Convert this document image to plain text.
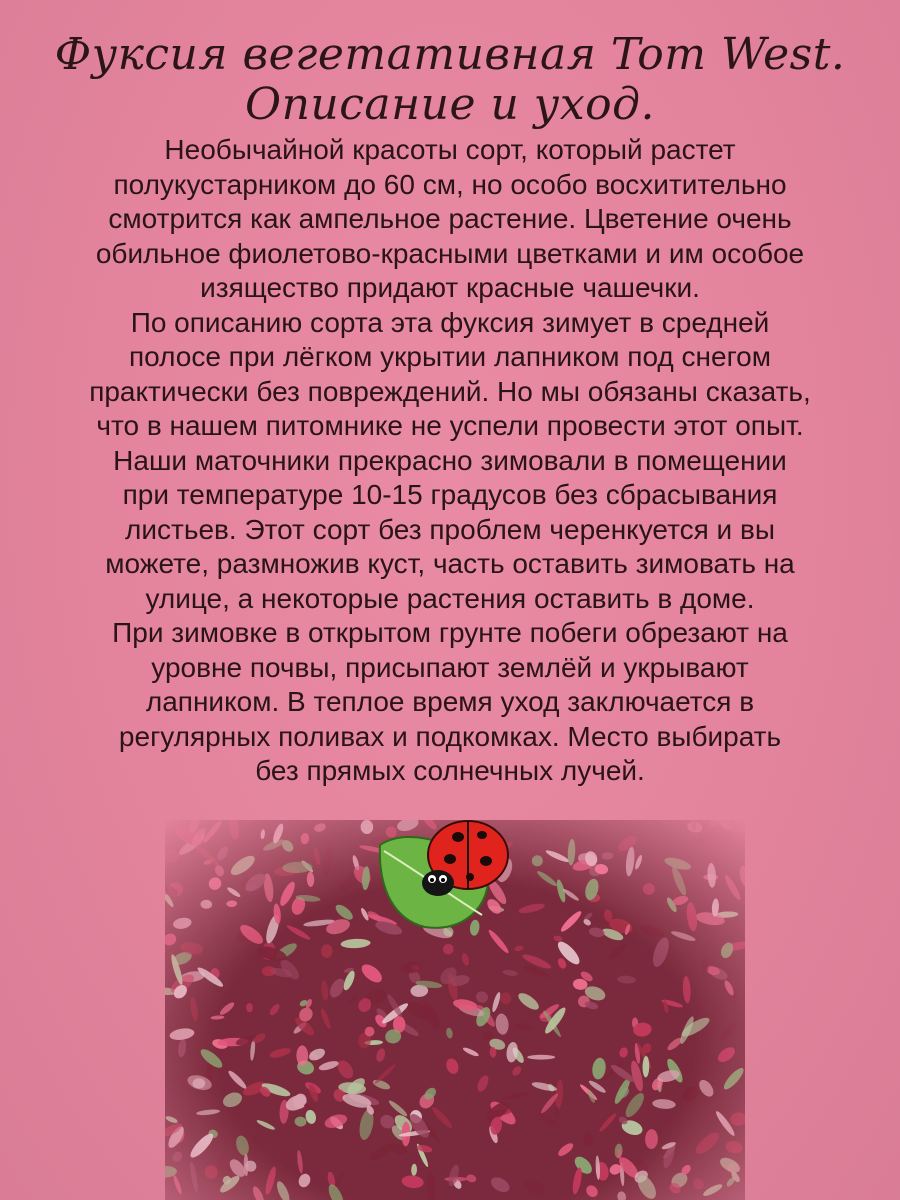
Фуксия вегетативная Tom West.
Описание и уход.
Необычайной красоты сорт, который растет
полукустарником до 60 см, но особо восхитительно
смотрится как ампельное растение. Цветение очень
обильное фиолетово-красными цветками и им особое
изящество придают красные чашечки.
По описанию сорта эта фуксия зимует в средней
полосе при лёгком укрытии лапником под снегом
практически без повреждений. Но мы обязаны сказать,
что в нашем питомнике не успели провести этот опыт.
Наши маточники прекрасно зимовали в помещении
при температуре 10-15 градусов без сбрасывания
листьев. Этот сорт без проблем черенкуется и вы
можете, размножив куст, часть оставить зимовать на
улице, а некоторые растения оставить в доме.
При зимовке в открытом грунте побеги обрезают на
уровне почвы, присыпают землёй и укрывают
лапником. В теплое время уход заключается в
регулярных поливах и подкомках. Место выбирать
без прямых солнечных лучей.
